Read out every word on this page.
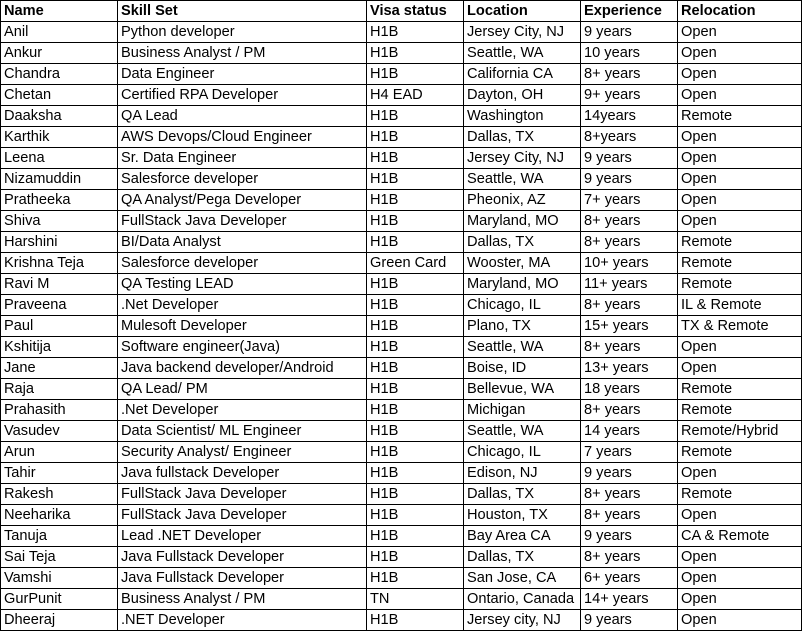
Name	Skill Set	Visa status	Location	Experience	Relocation
Anil	Python developer	H1B	Jersey City, NJ	9 years	Open
Ankur	Business Analyst / PM	H1B	Seattle, WA	10 years	Open
Chandra	Data Engineer	H1B	California CA	8+ years	Open
Chetan	Certified RPA Developer	H4 EAD	Dayton, OH	9+ years	Open
Daaksha	QA Lead	H1B	Washington	14years	Remote
Karthik	AWS Devops/Cloud Engineer	H1B	Dallas, TX	8+years	Open
Leena	Sr. Data Engineer	H1B	Jersey City, NJ	9 years	Open
Nizamuddin	Salesforce developer	H1B	Seattle, WA	9 years	Open
Pratheeka	QA Analyst/Pega Developer	H1B	Pheonix, AZ	7+ years	Open
Shiva	FullStack Java Developer	H1B	Maryland, MO	8+ years	Open
Harshini	BI/Data Analyst	H1B	Dallas, TX	8+ years	Remote
Krishna Teja	Salesforce developer	Green Card	Wooster, MA	10+ years	Remote
Ravi M	QA Testing LEAD	H1B	Maryland, MO	11+ years	Remote
Praveena	.Net Developer	H1B	Chicago, IL	8+ years	IL & Remote
Paul	Mulesoft Developer	H1B	Plano, TX	15+ years	TX & Remote
Kshitija	Software engineer(Java)	H1B	Seattle, WA	8+ years	Open
Jane	Java backend developer/Android	H1B	Boise, ID	13+ years	Open
Raja	QA Lead/ PM	H1B	Bellevue, WA	18 years	Remote
Prahasith	.Net Developer	H1B	Michigan	8+ years	Remote
Vasudev	Data Scientist/ ML Engineer	H1B	Seattle, WA	14 years	Remote/Hybrid
Arun	Security Analyst/ Engineer	H1B	Chicago, IL	7 years	Remote
Tahir	Java fullstack Developer	H1B	Edison, NJ	9 years	Open
Rakesh	FullStack Java Developer	H1B	Dallas, TX	8+ years	Remote
Neeharika	FullStack Java Developer	H1B	Houston, TX	8+ years	Open
Tanuja	Lead .NET Developer	H1B	Bay Area CA	9 years	CA & Remote
Sai Teja	Java Fullstack Developer	H1B	Dallas, TX	8+ years	Open
Vamshi	Java Fullstack Developer	H1B	San Jose, CA	6+ years	Open
GurPunit	Business Analyst / PM	TN	Ontario, Canada	14+ years	Open
Dheeraj	.NET Developer	H1B	Jersey city, NJ	9 years	Open
